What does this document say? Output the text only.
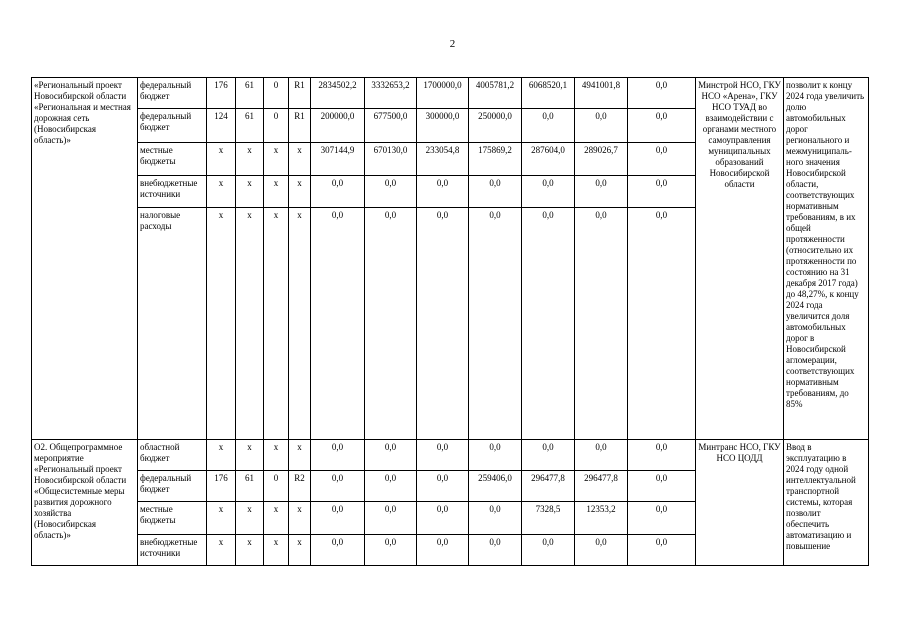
2
«Региональный проект Новосибирской области «Региональная и местная дорожная сеть (Новосибирская область)»	федеральный бюджет	176	61	0	R1	2834502,2	3332653,2	1700000,0	4005781,2	6068520,1	4941001,8	0,0	Минстрой НСО, ГКУ НСО «Арена», ГКУ НСО ТУАД во взаимодействии с органами местного самоуправления муниципальных образований Новосибирской области	позволит к концу 2024 года увеличить долю автомобильных дорог регионального и межмуниципаль-ного значения Новосибирской области, соответствующих нормативным требованиям, в их общей протяженности (относительно их протяженности по состоянию на 31 декабря 2017 года) до 48,27%, к концу 2024 года увеличится доля автомобильных дорог в Новосибирской агломерации, соответствующих нормативным требованиям, до 85%
	федеральный бюджет	124	61	0	R1	200000,0	677500,0	300000,0	250000,0	0,0	0,0	0,0		
	местные бюджеты	x	x	x	x	307144,9	670130,0	233054,8	175869,2	287604,0	289026,7	0,0		
	внебюджетные источники	x	x	x	x	0,0	0,0	0,0	0,0	0,0	0,0	0,0		
	налоговые расходы	x	x	x	x	0,0	0,0	0,0	0,0	0,0	0,0	0,0		
О2. Общепрограммное мероприятие «Региональный проект Новосибирской области «Общесистемные меры развития дорожного хозяйства (Новосибирская область)»	областной бюджет	x	x	x	x	0,0	0,0	0,0	0,0	0,0	0,0	0,0	Минтранс НСО, ГКУ НСО ЦОДД	Ввод в эксплуатацию в 2024 году одной интеллектуальной транспортной системы, которая позволит обеспечить автоматизацию и повышение
	федеральный бюджет	176	61	0	R2	0,0	0,0	0,0	259406,0	296477,8	296477,8	0,0		
	местные бюджеты	x	x	x	x	0,0	0,0	0,0	0,0	7328,5	12353,2	0,0		
	внебюджетные источники	x	x	x	x	0,0	0,0	0,0	0,0	0,0	0,0	0,0		
